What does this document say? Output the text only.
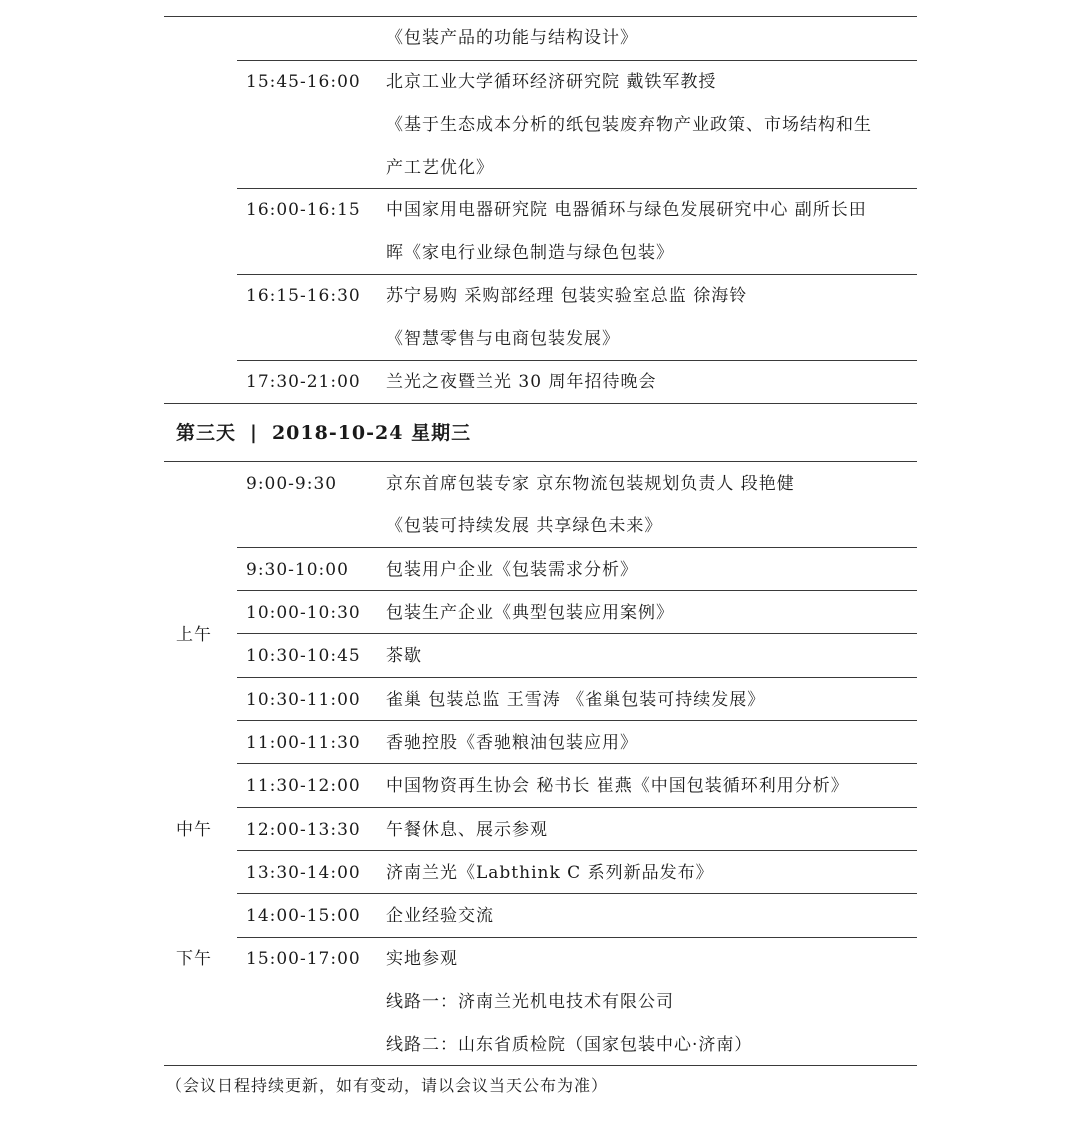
《包装产品的功能与结构设计》
15:45-16:00 北京工业大学循环经济研究院 戴铁军教授
《基于生态成本分析的纸包装废弃物产业政策、市场结构和生
产工艺优化》
16:00-16:15 中国家用电器研究院 电器循环与绿色发展研究中心 副所长田
晖《家电行业绿色制造与绿色包装》
16:15-16:30 苏宁易购 采购部经理 包装实验室总监 徐海铃
《智慧零售与电商包装发展》
17:30-21:00 兰光之夜暨兰光 30 周年招待晚会
第三天 | 2018-10-24 星期三
上午
中午
下午
9:00-9:30	京东首席包装专家 京东物流包装规划负责人 段艳健
《包装可持续发展 共享绿色未来》
9:30-10:00 包装用户企业《包装需求分析》
10:00-10:30 包装生产企业《典型包装应用案例》
10:30-10:45 茶歇
10:30-11:00 雀巢 包装总监 王雪涛 《雀巢包装可持续发展》
11:00-11:30 香驰控股《香驰粮油包装应用》
11:30-12:00 中国物资再生协会 秘书长 崔燕《中国包装循环利用分析》
12:00-13:30 午餐休息、展示参观
13:30-14:00 济南兰光《Labthink C 系列新品发布》
14:00-15:00 企业经验交流
15:00-17:00 实地参观
线路一：济南兰光机电技术有限公司
线路二：山东省质检院（国家包装中心·济南）
（会议日程持续更新，如有变动，请以会议当天公布为准）
